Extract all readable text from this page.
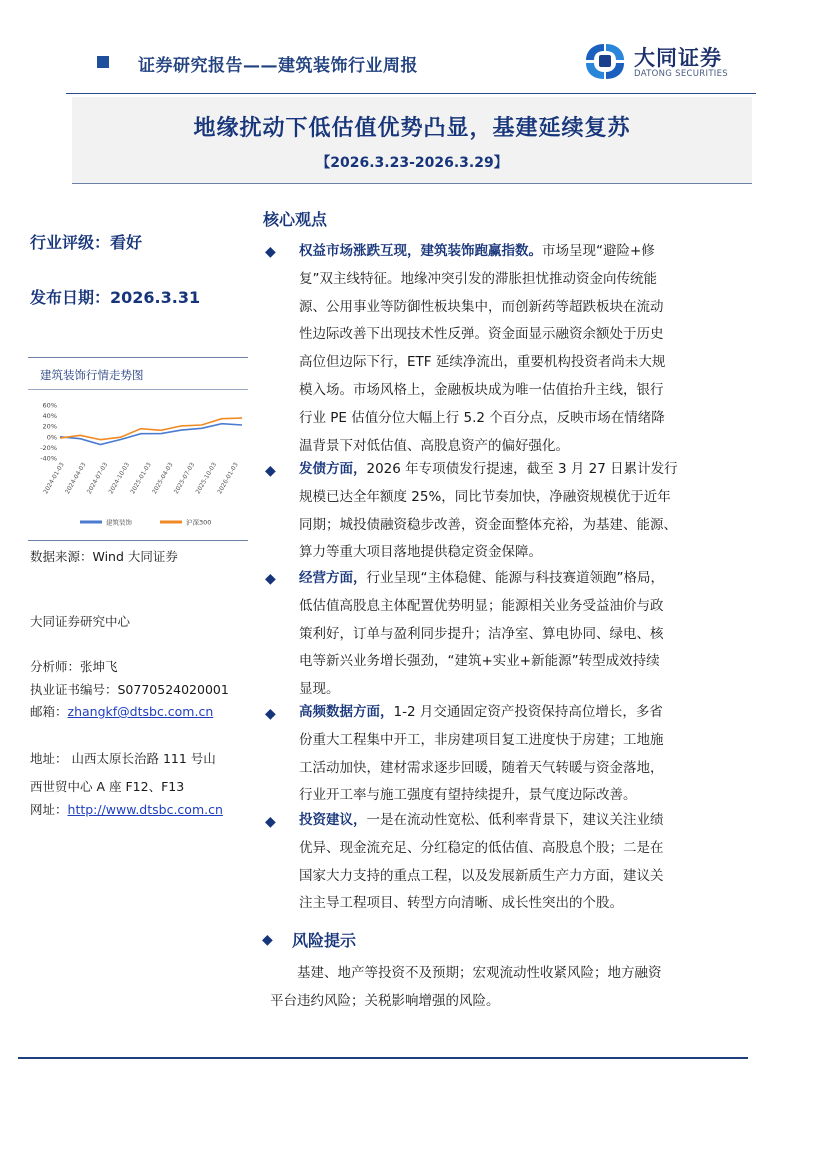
证券研究报告——建筑装饰行业周报	大同证券
DATONG SECURITIES
地缘扰动下低估值优势凸显，基建延续复苏
【2026.3.23-2026.3.29】
行业评级：看好
发布日期：2026.3.31
建筑装饰行情走势图
60%
40%
20%
0%
-20%
-40%
2024-01-03
2024-04-03
2024-07-03
2024-10-03
2025-01-03
2025-04-03
2025-07-03
2025-10-03
2026-01-03
建筑装饰	沪深300
数据来源：Wind 大同证券
大同证券研究中心
分析师：张坤飞
执业证书编号：S0770524020001
邮箱：zhangkf@dtsbc.com.cn
地址： 山西太原长治路 111 号山
西世贸中心 A 座 F12、F13
网址：http://www.dtsbc.com.cn
核心观点
◆ 权益市场涨跌互现，建筑装饰跑赢指数。市场呈现“避险+修
复”双主线特征。地缘冲突引发的滞胀担忧推动资金向传统能
源、公用事业等防御性板块集中，而创新药等超跌板块在流动
性边际改善下出现技术性反弹。资金面显示融资余额处于历史
高位但边际下行，ETF 延续净流出，重要机构投资者尚未大规
模入场。市场风格上，金融板块成为唯一估值抬升主线，银行
行业 PE 估值分位大幅上行 5.2 个百分点，反映市场在情绪降
温背景下对低估值、高股息资产的偏好强化。
◆ 发债方面，2026 年专项债发行提速，截至 3 月 27 日累计发行
规模已达全年额度 25%，同比节奏加快，净融资规模优于近年
同期；城投债融资稳步改善，资金面整体充裕，为基建、能源、
算力等重大项目落地提供稳定资金保障。
◆ 经营方面，行业呈现“主体稳健、能源与科技赛道领跑”格局，
低估值高股息主体配置优势明显；能源相关业务受益油价与政
策利好，订单与盈利同步提升；洁净室、算电协同、绿电、核
电等新兴业务增长强劲，“建筑+实业+新能源”转型成效持续
显现。
◆ 高频数据方面，1-2 月交通固定资产投资保持高位增长，多省
份重大工程集中开工，非房建项目复工进度快于房建；工地施
工活动加快，建材需求逐步回暖，随着天气转暖与资金落地，
行业开工率与施工强度有望持续提升，景气度边际改善。
◆ 投资建议，一是在流动性宽松、低利率背景下，建议关注业绩
优异、现金流充足、分红稳定的低估值、高股息个股；二是在
国家大力支持的重点工程，以及发展新质生产力方面，建议关
注主导工程项目、转型方向清晰、成长性突出的个股。
◆ 风险提示
基建、地产等投资不及预期；宏观流动性收紧风险；地方融资
平台违约风险；关税影响增强的风险。
